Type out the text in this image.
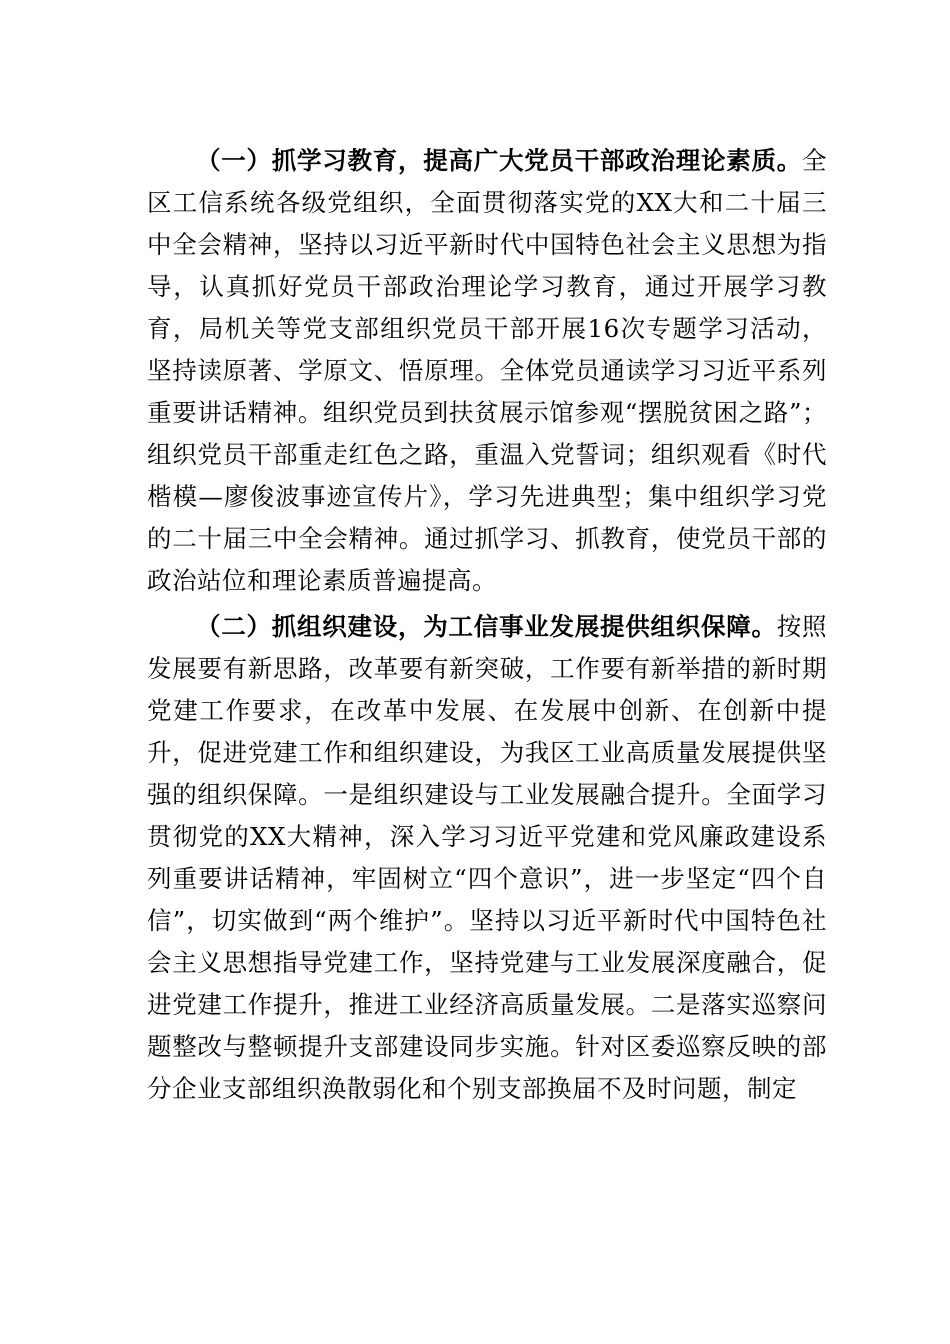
（一）抓学习教育，提高广大党员干部政治理论素质。全区工信系统各级党组织，全面贯彻落实党的XX大和二十届三中全会精神，坚持以习近平新时代中国特色社会主义思想为指导，认真抓好党员干部政治理论学习教育，通过开展学习教育，局机关等党支部组织党员干部开展16次专题学习活动，坚持读原著、学原文、悟原理。全体党员通读学习习近平系列重要讲话精神。组织党员到扶贫展示馆参观“摆脱贫困之路”；组织党员干部重走红色之路，重温入党誓词；组织观看《时代楷模—廖俊波事迹宣传片》，学习先进典型；集中组织学习党的二十届三中全会精神。通过抓学习、抓教育，使党员干部的政治站位和理论素质普遍提高。

（二）抓组织建设，为工信事业发展提供组织保障。按照发展要有新思路，改革要有新突破，工作要有新举措的新时期党建工作要求，在改革中发展、在发展中创新、在创新中提升，促进党建工作和组织建设，为我区工业高质量发展提供坚强的组织保障。一是组织建设与工业发展融合提升。全面学习贯彻党的XX大精神，深入学习习近平党建和党风廉政建设系列重要讲话精神，牢固树立“四个意识”，进一步坚定“四个自信”，切实做到“两个维护”。坚持以习近平新时代中国特色社会主义思想指导党建工作，坚持党建与工业发展深度融合，促进党建工作提升，推进工业经济高质量发展。二是落实巡察问题整改与整顿提升支部建设同步实施。针对区委巡察反映的部分企业支部组织涣散弱化和个别支部换届不及时问题，制定
